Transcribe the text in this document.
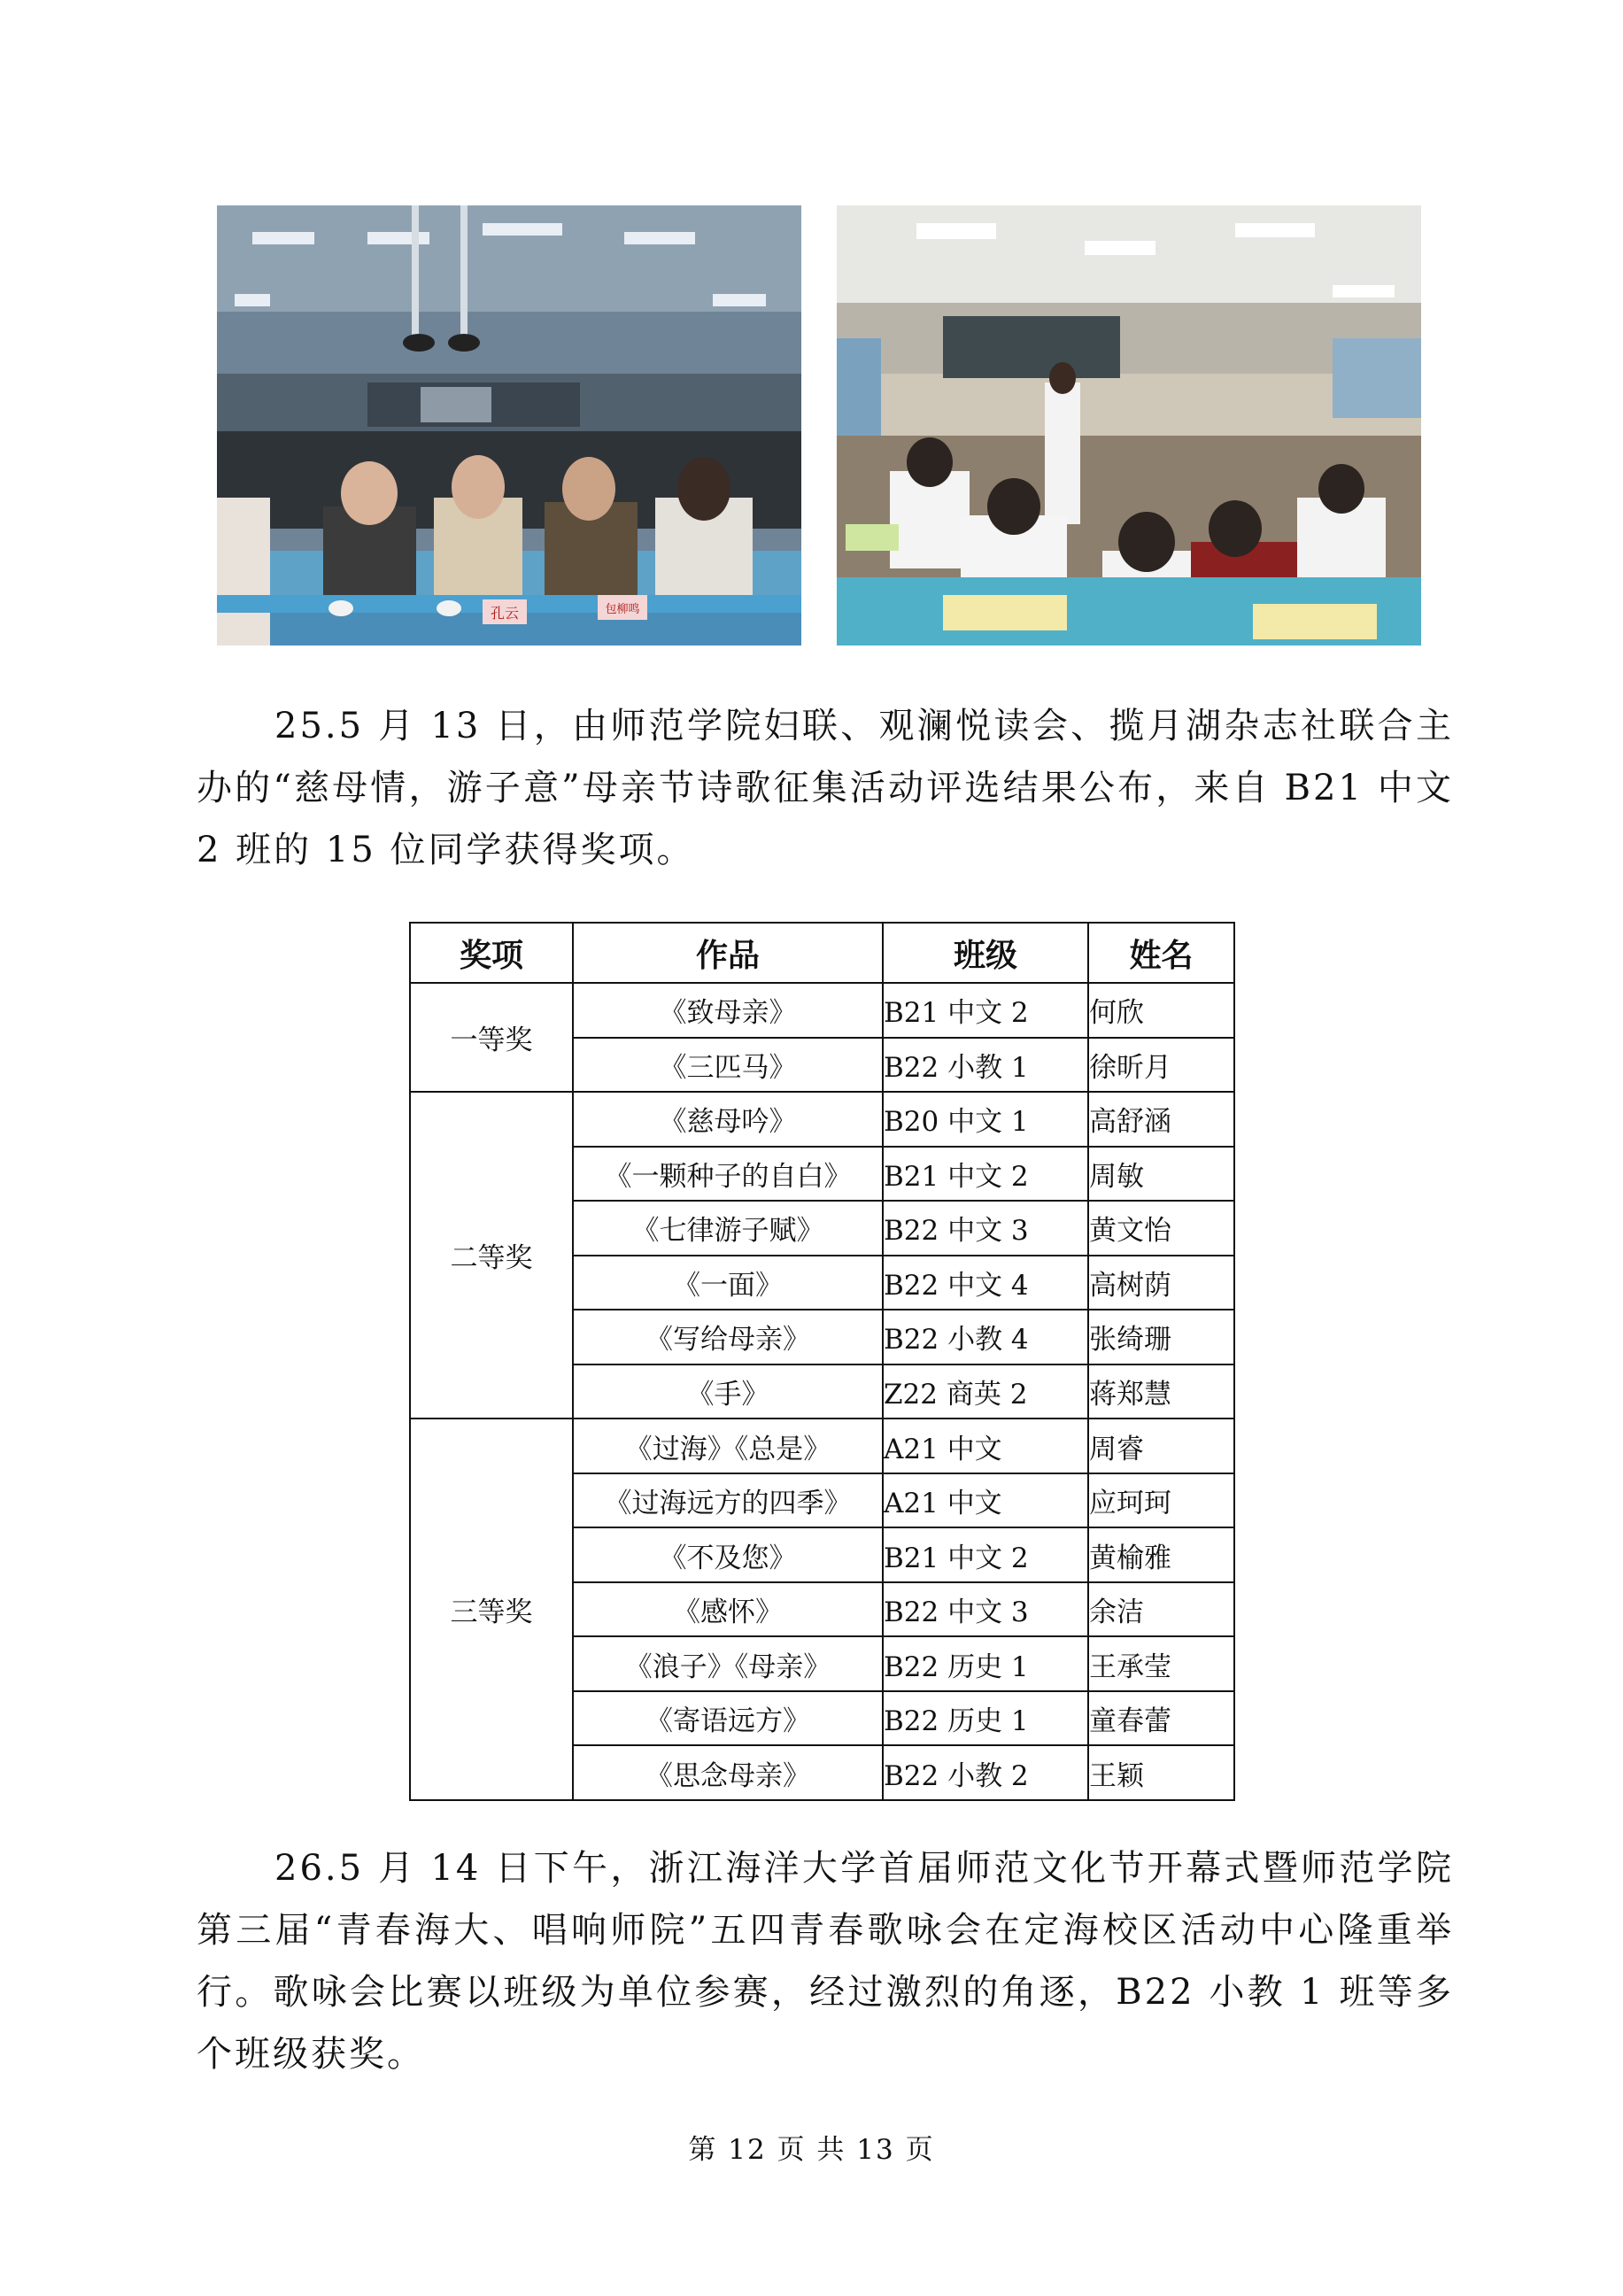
孔云	包柳鸣

25.5 月 13 日，由师范学院妇联、观澜悦读会、揽月湖杂志社联合主办的“慈母情，游子意”母亲节诗歌征集活动评选结果公布，来自 B21 中文 2 班的 15 位同学获得奖项。

奖项	作品	班级	姓名
一等奖	《致母亲》	B21 中文 2	何欣
	《三匹马》	B22 小教 1	徐昕月
二等奖	《慈母吟》	B20 中文 1	高舒涵
	《一颗种子的自白》	B21 中文 2	周敏
	《七律游子赋》	B22 中文 3	黄文怡
	《一面》	B22 中文 4	高树荫
	《写给母亲》	B22 小教 4	张绮珊
	《手》	Z22 商英 2	蒋郑慧
三等奖	《过海》《总是》	A21 中文	周睿
	《过海远方的四季》	A21 中文	应珂珂
	《不及您》	B21 中文 2	黄榆雅
	《感怀》	B22 中文 3	余洁
	《浪子》《母亲》	B22 历史 1	王承莹
	《寄语远方》	B22 历史 1	童春蕾
	《思念母亲》	B22 小教 2	王颖

26.5 月 14 日下午，浙江海洋大学首届师范文化节开幕式暨师范学院第三届“青春海大、唱响师院”五四青春歌咏会在定海校区活动中心隆重举行。歌咏会比赛以班级为单位参赛，经过激烈的角逐，B22 小教 1 班等多个班级获奖。

第 12 页 共 13 页
